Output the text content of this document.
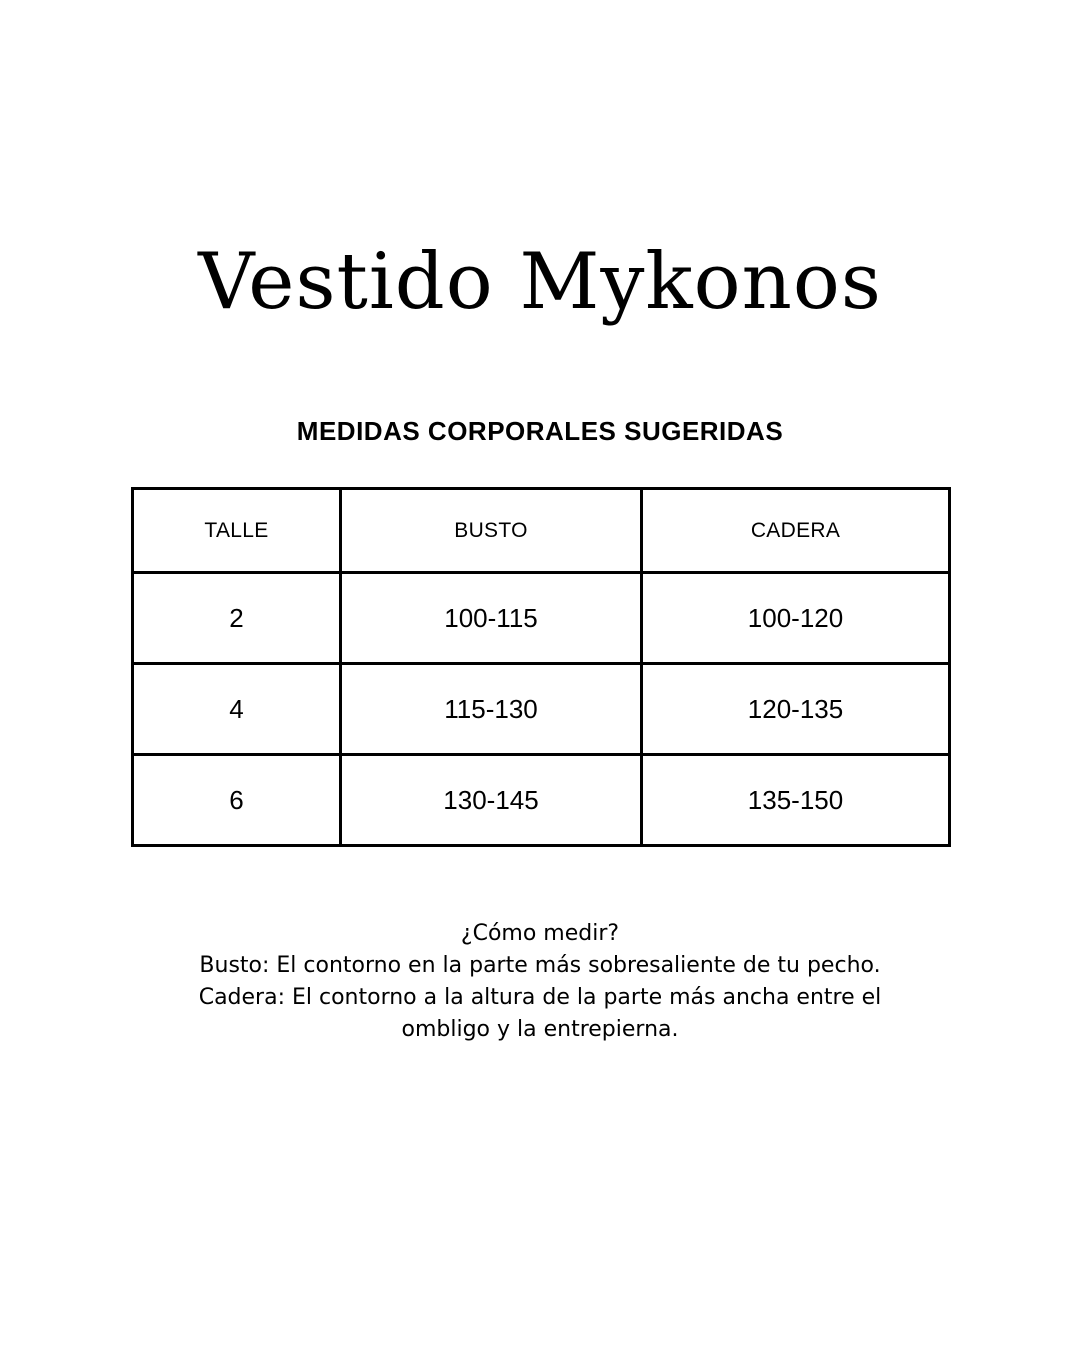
Vestido Mykonos
MEDIDAS CORPORALES SUGERIDAS
TALLE	BUSTO	CADERA
2	100-115	100-120
4	115-130	120-135
6	130-145	135-150
¿Cómo medir?
Busto: El contorno en la parte más sobresaliente de tu pecho.
Cadera: El contorno a la altura de la parte más ancha entre el
ombligo y la entrepierna.
